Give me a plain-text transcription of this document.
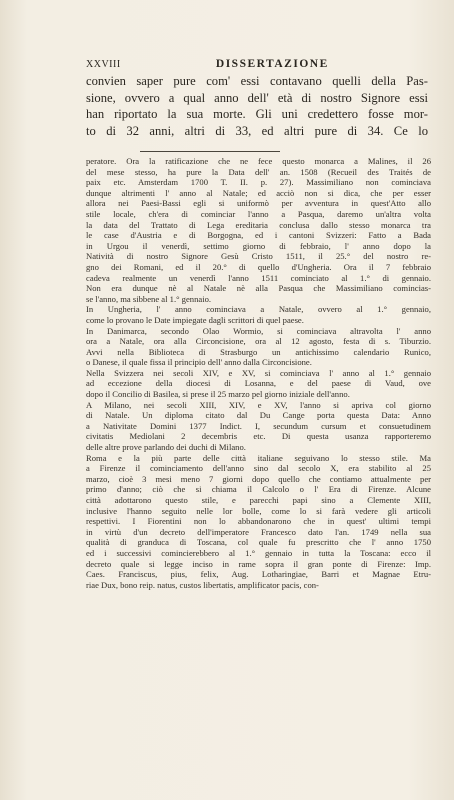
XXVIII	DISSERTAZIONE
convien saper pure com' essi contavano quelli della Pas-
sione, ovvero a qual anno dell' età di nostro Signore essi
han riportato la sua morte. Gli uni credettero fosse mor-
to di 32 anni, altri di 33, ed altri pure di 34. Ce lo
peratore. Ora la ratificazione che ne fece questo monarca a Malines, il 26
del mese stesso, ha pure la Data dell' an. 1508 (Recueil des Traités de
paix etc. Amsterdam 1700 T. II. p. 27). Massimiliano non cominciava
dunque altrimenti l' anno al Natale; ed acciò non si dica, che per esser
allora nei Paesi-Bassi egli si uniformò per avventura in quest'Atto allo
stile locale, ch'era di cominciar l'anno a Pasqua, daremo un'altra volta
la data del Trattato di Lega ereditaria conclusa dallo stesso monarca tra
le case d'Austria e di Borgogna, ed i cantoni Svizzeri: Fatto a Bada
in Urgou il venerdì, settimo giorno di febbraio, l' anno dopo la
Natività di nostro Signore Gesù Cristo 1511, il 25.° del nostro re-
gno dei Romani, ed il 20.° di quello d'Ungheria. Ora il 7 febbraio
cadeva realmente un venerdì l'anno 1511 cominciato al 1.° di gennaio.
Non era dunque nè al Natale nè alla Pasqua che Massimiliano comincias-
se l'anno, ma sibbene al 1.° gennaio.
In Ungheria, l' anno cominciava a Natale, ovvero al 1.° gennaio,
come lo provano le Date impiegate dagli scrittori di quel paese.
In Danimarca, secondo Olao Wormio, si cominciava altravolta l' anno
ora a Natale, ora alla Circoncisione, ora al 12 agosto, festa di s. Tiburzio.
Avvi nella Biblioteca di Strasburgo un antichissimo calendario Runico,
o Danese, il quale fissa il principio dell' anno dalla Circoncisione.
Nella Svizzera nei secoli XIV, e XV, si cominciava l' anno al 1.° gennaio
ad eccezione della diocesi di Losanna, e del paese di Vaud, ove
dopo il Concilio di Basilea, si prese il 25 marzo pel giorno iniziale dell'anno.
A Milano, nei secoli XIII, XIV, e XV, l'anno si apriva col giorno
di Natale. Un diploma citato dal Du Cange porta questa Data: Anno
a Nativitate Domini 1377 Indict. I, secundum cursum et consuetudinem
civitatis Mediolani 2 decembris etc. Di questa usanza rapporteremo
delle altre prove parlando dei duchi di Milano.
Roma e la più parte delle città italiane seguivano lo stesso stile. Ma
a Firenze il cominciamento dell'anno sino dal secolo X, era stabilito al 25
marzo, cioè 3 mesi meno 7 giorni dopo quello che contiamo attualmente per
primo d'anno; ciò che si chiama il Calcolo o l' Era di Firenze. Alcune
città adottarono questo stile, e parecchi papi sino a Clemente XIII,
inclusive l'hanno seguito nelle lor bolle, come lo si farà vedere gli articoli
respettivi. I Fiorentini non lo abbandonarono che in quest' ultimi tempi
in virtù d'un decreto dell'imperatore Francesco dato l'an. 1749 nella sua
qualità di granduca di Toscana, col quale fu prescritto che l' anno 1750
ed i successivi comincierebbero al 1.° gennaio in tutta la Toscana: ecco il
decreto quale si legge inciso in rame sopra il gran ponte di Firenze: Imp.
Caes. Franciscus, pius, felix, Aug. Lotharingiae, Barri et Magnae Etru-
riae Dux, bono reip. natus, custos libertatis, amplificator pacis, con-
